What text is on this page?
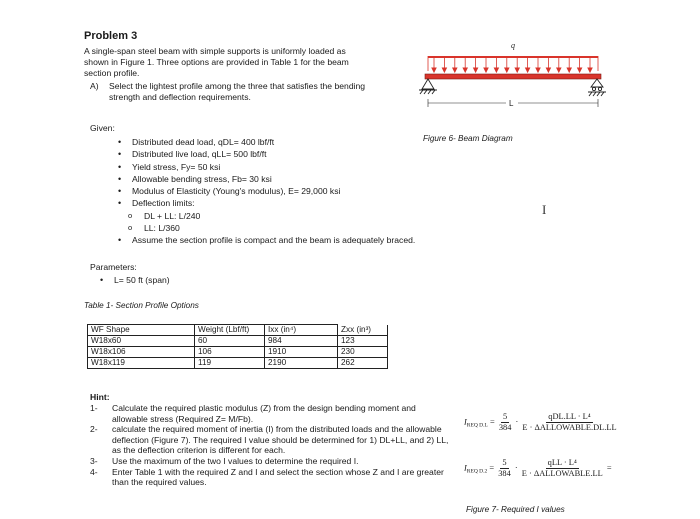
Problem 3
A single-span steel beam with simple supports is uniformly loaded as
shown in Figure 1. Three options are provided in Table 1 for the beam
section profile.
A) Select the lightest profile among the three that satisfies the bending
strength and deflection requirements.
q
L
Figure 6- Beam Diagram
Given:
• Distributed dead load, qDL= 400 lbf/ft
• Distributed live load, qLL= 500 lbf/ft
• Yield stress, Fy= 50 ksi
• Allowable bending stress, Fb= 30 ksi
• Modulus of Elasticity (Young's modulus), E= 29,000 ksi
• Deflection limits:
o DL + LL: L/240
o LL: L/360
• Assume the section profile is compact and the beam is adequately braced.
I
Parameters:
• L= 50 ft (span)
Table 1- Section Profile Options
WF Shape	Weight (Lbf/ft)	Ixx (in⁴)	Zxx (in³)
W18x60	60	984	123
W18x106	106	1910	230
W18x119	119	2190	262
Hint:
1- Calculate the required plastic modulus (Z) from the design bending moment and allowable stress (Required Z= M/Fb).
2- calculate the required moment of inertia (I) from the distributed loads and the allowable deflection (Figure 7). The required I value should be determined for 1) DL+LL, and 2) LL, as the deflection criterion is different for each.
3- Use the maximum of the two I values to determine the required I.
4- Enter Table 1 with the required Z and I and select the section whose Z and I are greater than the required values.
$I_{REQ D.L} = \frac{5}{384} \cdot \frac{\text{qDL.LL · L⁴}}{\text{E · ΔALLOWABLE.DL.LL}}$
$I_{REQ D.2} = \frac{5}{384} \cdot \frac{\text{qLL · L⁴}}{\text{E · ΔALLOWABLE.LL}}$ =
Figure 7- Required I values
